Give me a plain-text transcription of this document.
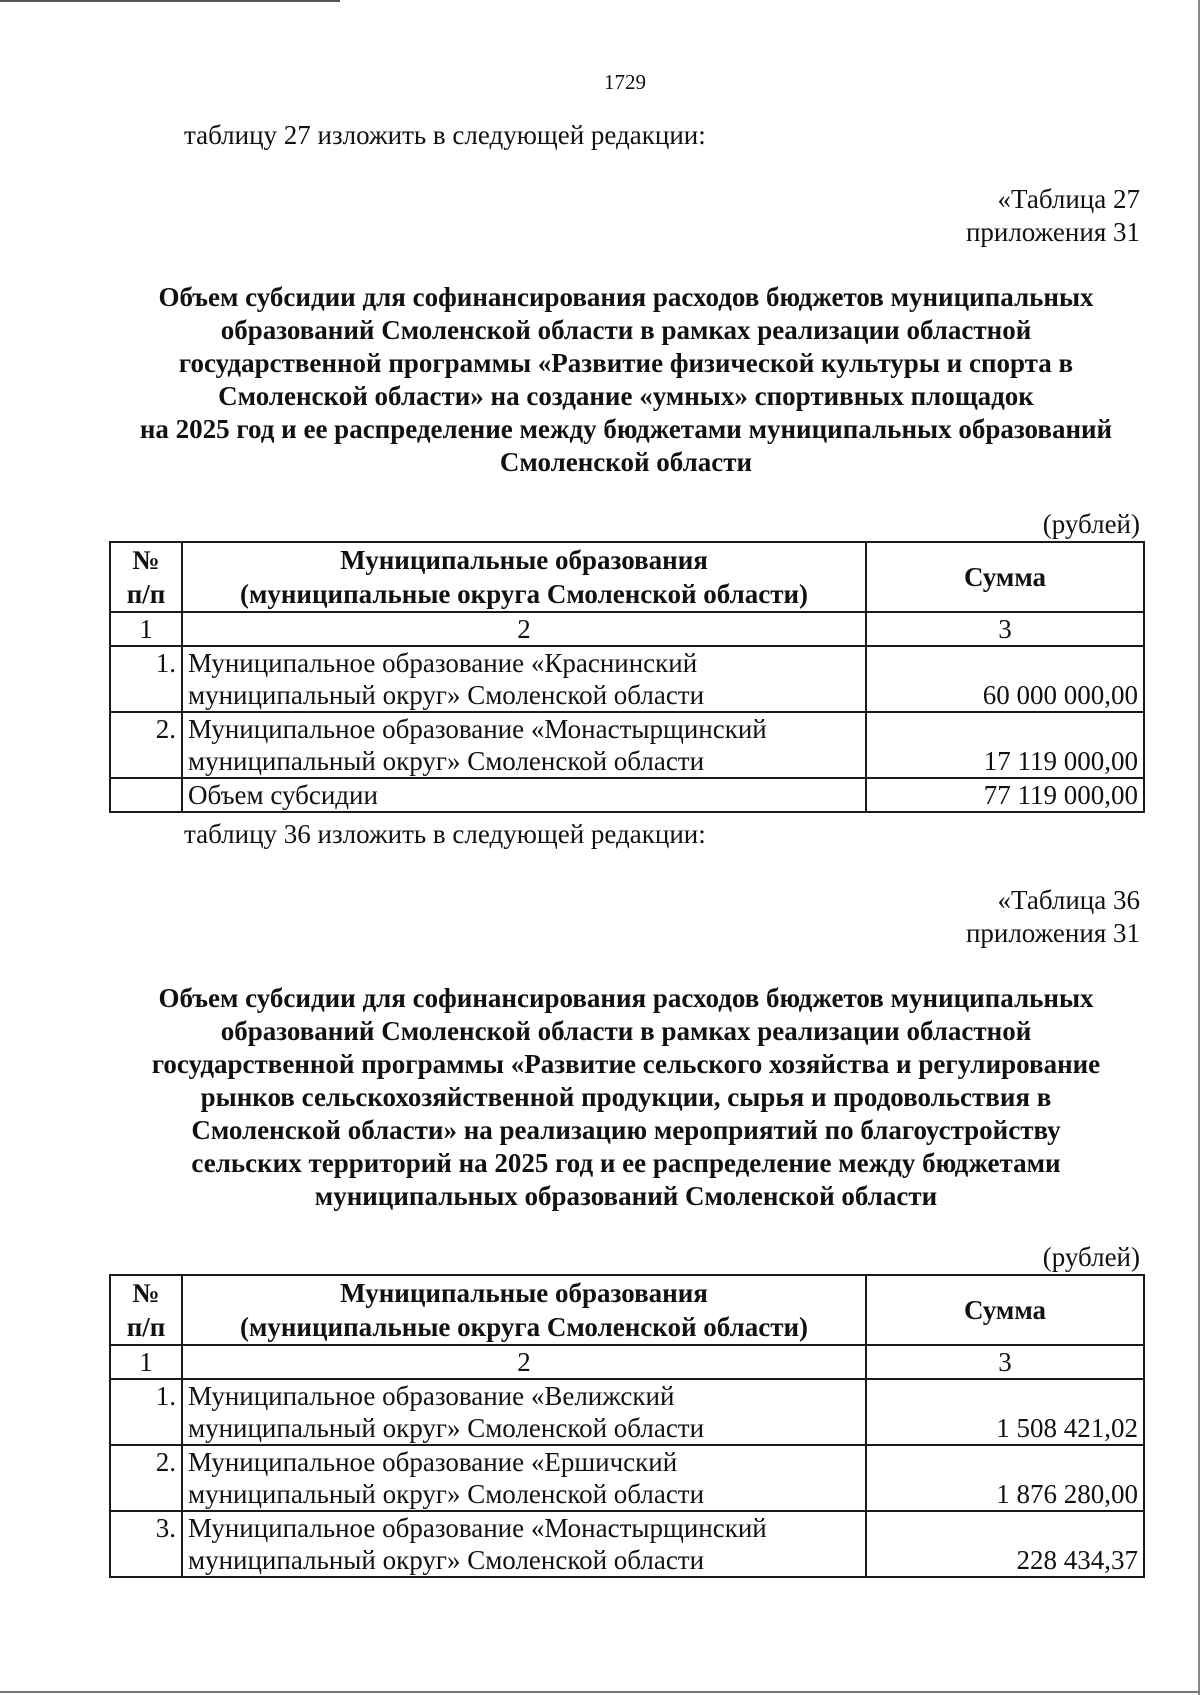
1729
таблицу 27 изложить в следующей редакции:
«Таблица 27
приложения 31
Объем субсидии для софинансирования расходов бюджетов муниципальных
образований Смоленской области в рамках реализации областной
государственной программы «Развитие физической культуры и спорта в
Смоленской области» на создание «умных» спортивных площадок
на 2025 год и ее распределение между бюджетами муниципальных образований
Смоленской области
(рублей)
№
п/п	Муниципальные образования
(муниципальные округа Смоленской области)	Сумма
1	2	3
1.	Муниципальное образование «Краснинский
муниципальный округ» Смоленской области	60 000 000,00
2.	Муниципальное образование «Монастырщинский
муниципальный округ» Смоленской области	17 119 000,00
	Объем субсидии	77 119 000,00
таблицу 36 изложить в следующей редакции:
«Таблица 36
приложения 31
Объем субсидии для софинансирования расходов бюджетов муниципальных
образований Смоленской области в рамках реализации областной
государственной программы «Развитие сельского хозяйства и регулирование
рынков сельскохозяйственной продукции, сырья и продовольствия в
Смоленской области» на реализацию мероприятий по благоустройству
сельских территорий на 2025 год и ее распределение между бюджетами
муниципальных образований Смоленской области
(рублей)
№
п/п	Муниципальные образования
(муниципальные округа Смоленской области)	Сумма
1	2	3
1.	Муниципальное образование «Велижский
муниципальный округ» Смоленской области	1 508 421,02
2.	Муниципальное образование «Ершичский
муниципальный округ» Смоленской области	1 876 280,00
3.	Муниципальное образование «Монастырщинский
муниципальный округ» Смоленской области	228 434,37
